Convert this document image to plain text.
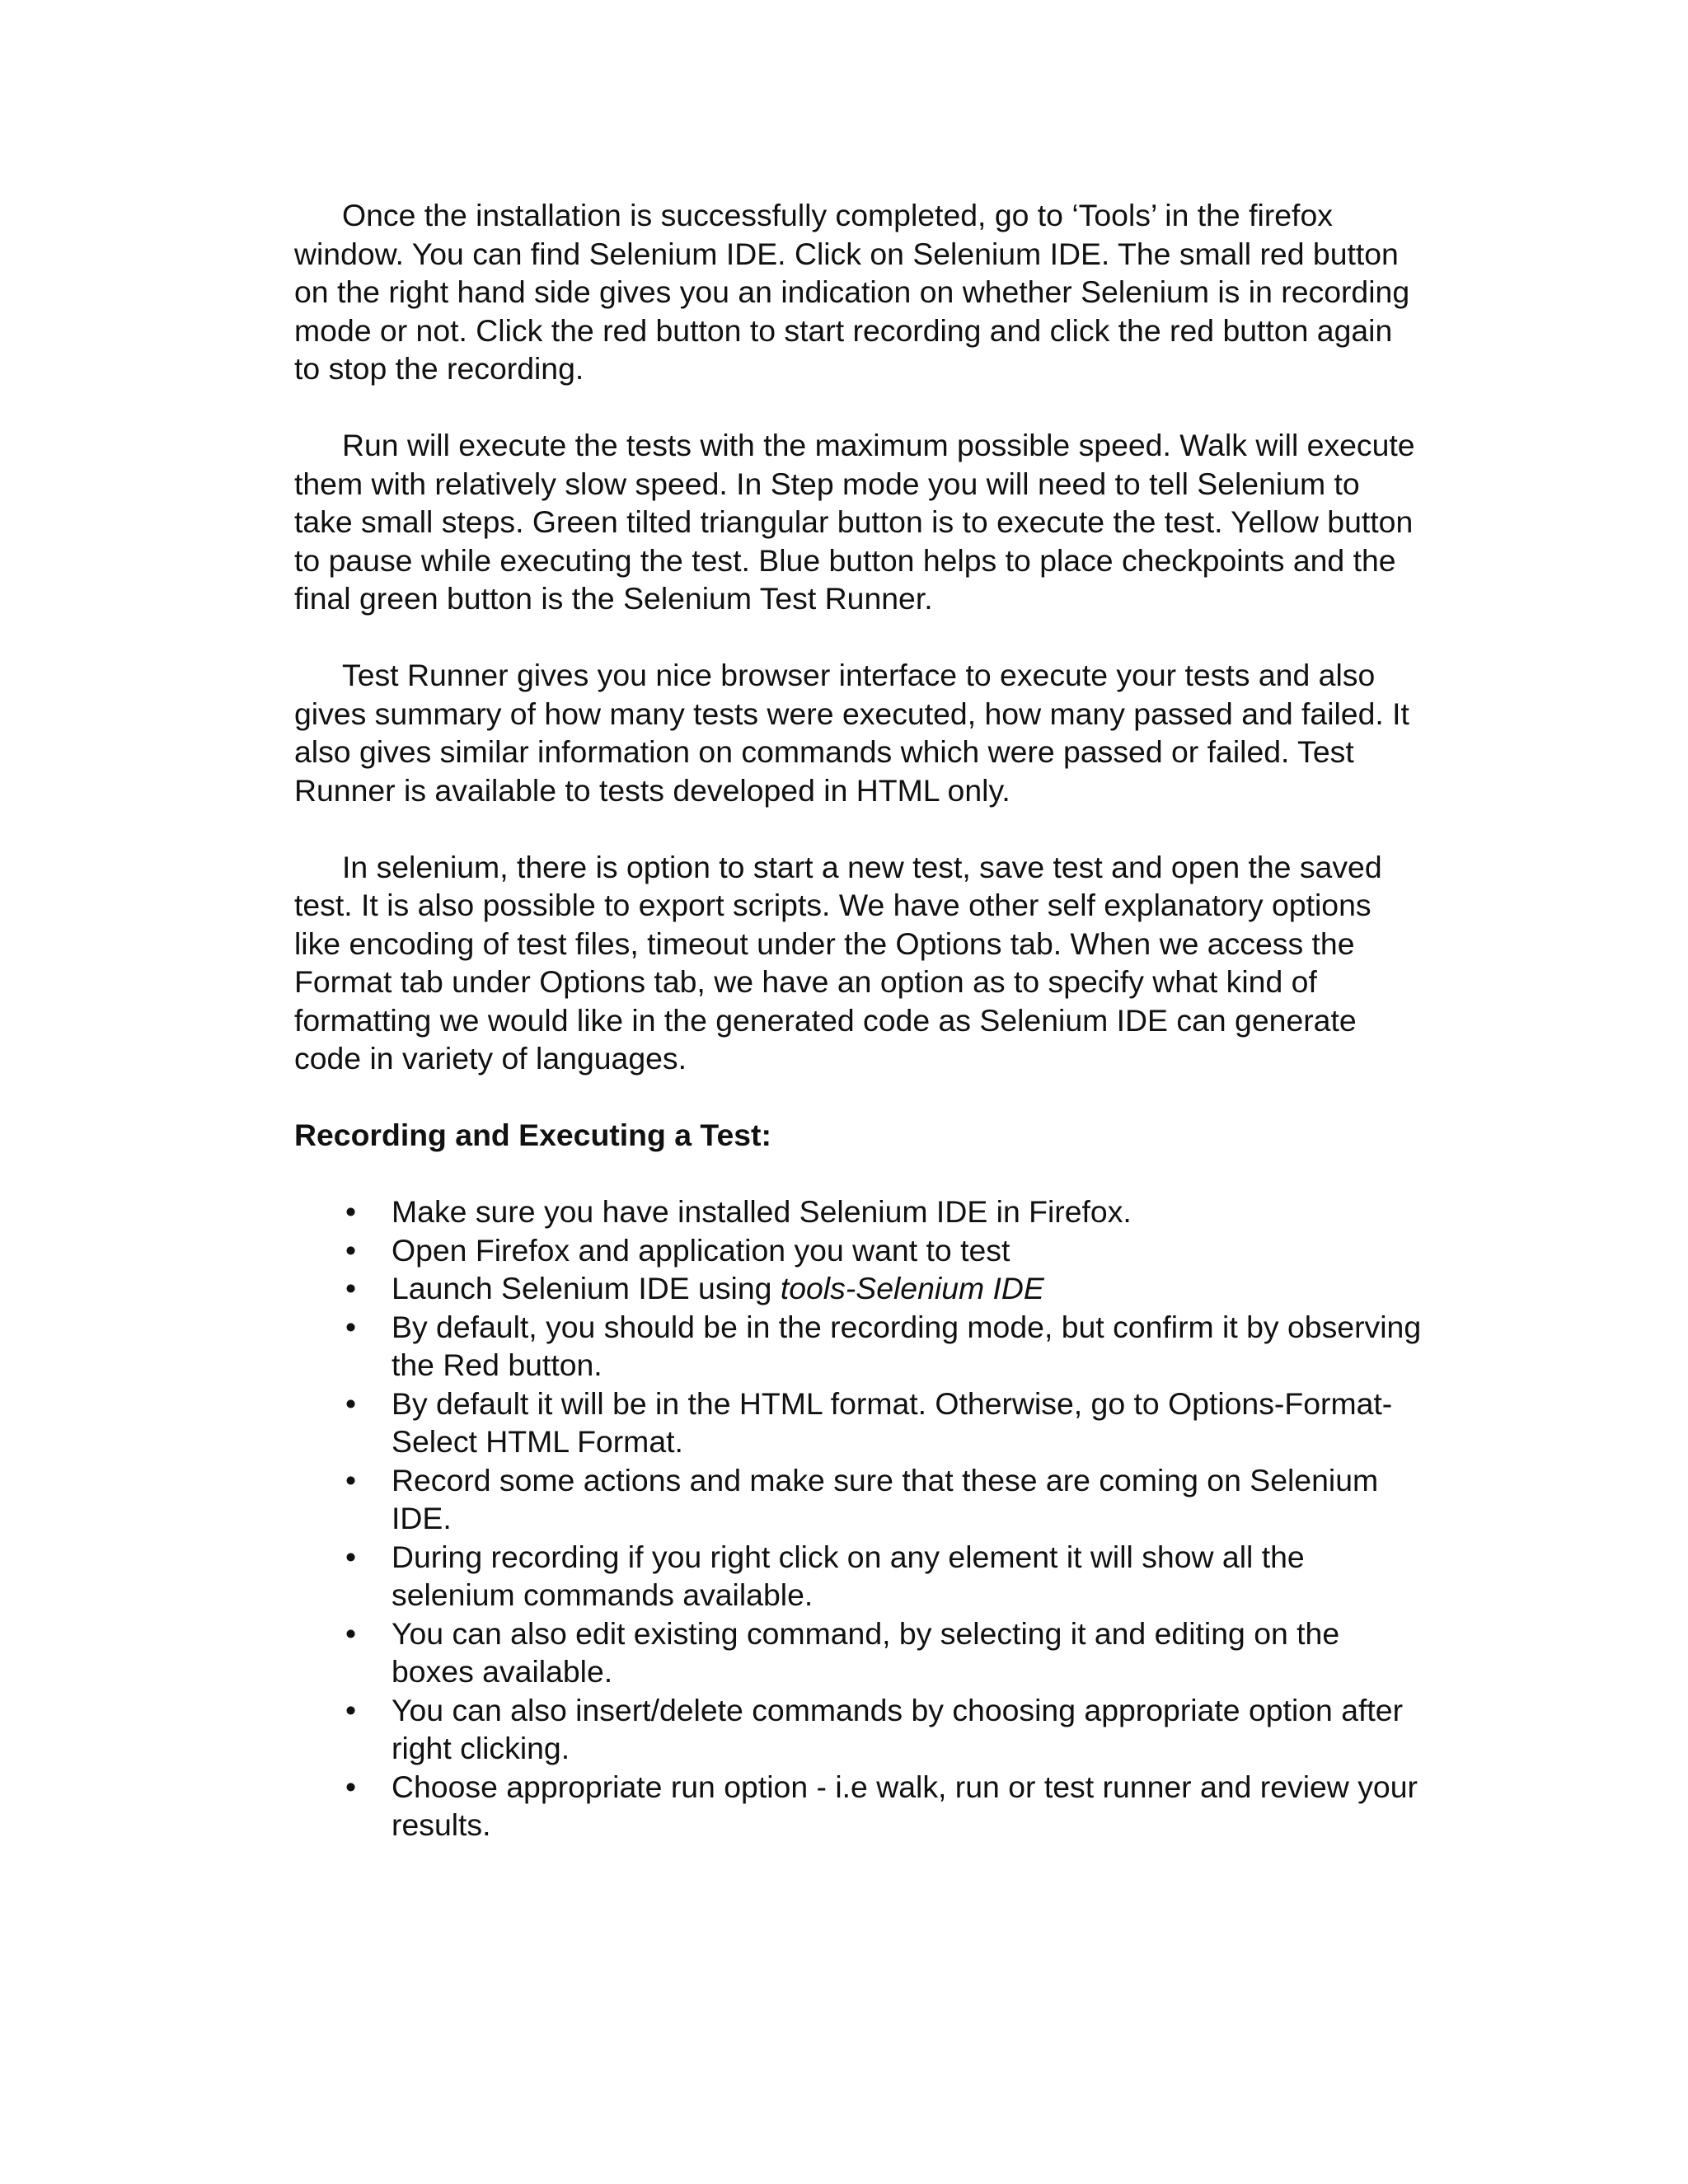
Once the installation is successfully completed, go to ‘Tools’ in the firefox window. You can find Selenium IDE. Click on Selenium IDE. The small red button on the right hand side gives you an indication on whether Selenium is in recording mode or not. Click the red button to start recording and click the red button again to stop the recording.

Run will execute the tests with the maximum possible speed. Walk will execute them with relatively slow speed. In Step mode you will need to tell Selenium to take small steps. Green tilted triangular button is to execute the test. Yellow button to pause while executing the test. Blue button helps to place checkpoints and the final green button is the Selenium Test Runner.

Test Runner gives you nice browser interface to execute your tests and also gives summary of how many tests were executed, how many passed and failed. It also gives similar information on commands which were passed or failed. Test Runner is available to tests developed in HTML only.

In selenium, there is option to start a new test, save test and open the saved test. It is also possible to export scripts. We have other self explanatory options like encoding of test files, timeout under the Options tab. When we access the Format tab under Options tab, we have an option as to specify what kind of formatting we would like in the generated code as Selenium IDE can generate code in variety of languages.

Recording and Executing a Test:

• Make sure you have installed Selenium IDE in Firefox.
• Open Firefox and application you want to test
• Launch Selenium IDE using tools-Selenium IDE
• By default, you should be in the recording mode, but confirm it by observing the Red button.
• By default it will be in the HTML format. Otherwise, go to Options-Format-Select HTML Format.
• Record some actions and make sure that these are coming on Selenium IDE.
• During recording if you right click on any element it will show all the selenium commands available.
• You can also edit existing command, by selecting it and editing on the boxes available.
• You can also insert/delete commands by choosing appropriate option after right clicking.
• Choose appropriate run option - i.e walk, run or test runner and review your results.
